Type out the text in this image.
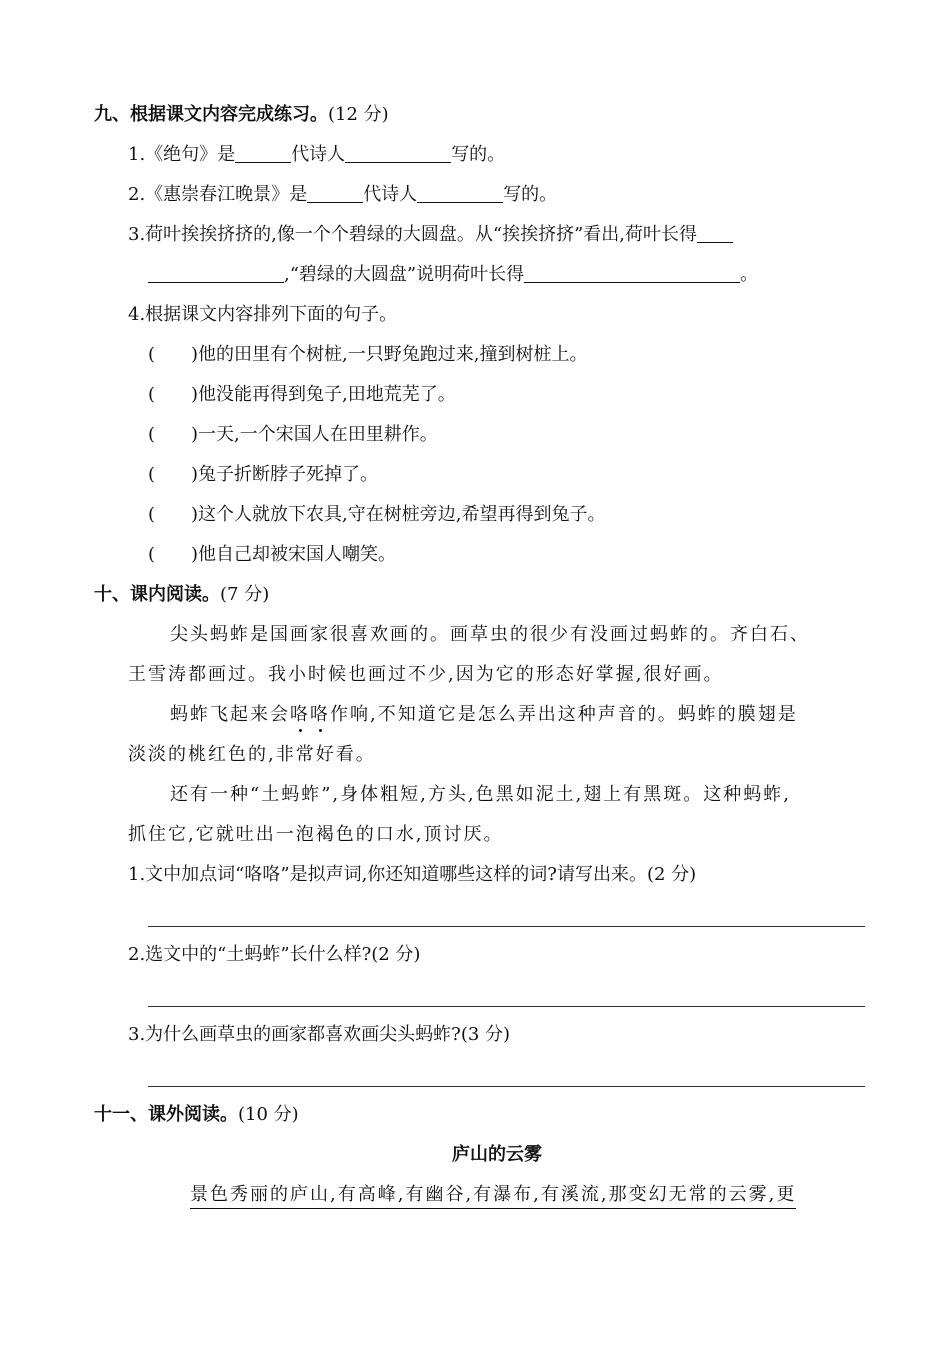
九、根据课文内容完成练习。(12 分)
1.《绝句》是	代诗人	写的。
2.《惠崇春江晚景》是	代诗人	写的。
3.荷叶挨挨挤挤的,像一个个碧绿的大圆盘。从“挨挨挤挤”看出,荷叶长得
,“碧绿的大圆盘”说明荷叶长得	。
4.根据课文内容排列下面的句子。
(　　)他的田里有个树桩,一只野兔跑过来,撞到树桩上。
(　　)他没能再得到兔子,田地荒芜了。
(　　)一天,一个宋国人在田里耕作。
(　　)兔子折断脖子死掉了。
(　　)这个人就放下农具,守在树桩旁边,希望再得到兔子。
(　　)他自己却被宋国人嘲笑。
十、课内阅读。(7 分)
尖头蚂蚱是国画家很喜欢画的。画草虫的很少有没画过蚂蚱的。齐白石、
王雪涛都画过。我小时候也画过不少,因为它的形态好掌握,很好画。
蚂蚱飞起来会咯咯作响,不知道它是怎么弄出这种声音的。蚂蚱的膜翅是
淡淡的桃红色的,非常好看。
还有一种“土蚂蚱”,身体粗短,方头,色黑如泥土,翅上有黑斑。这种蚂蚱,
抓住它,它就吐出一泡褐色的口水,顶讨厌。
1.文中加点词“咯咯”是拟声词,你还知道哪些这样的词?请写出来。(2 分)
2.选文中的“土蚂蚱”长什么样?(2 分)
3.为什么画草虫的画家都喜欢画尖头蚂蚱?(3 分)
十一、课外阅读。(10 分)
庐山的云雾
景色秀丽的庐山,有高峰,有幽谷,有瀑布,有溪流,那变幻无常的云雾,更
